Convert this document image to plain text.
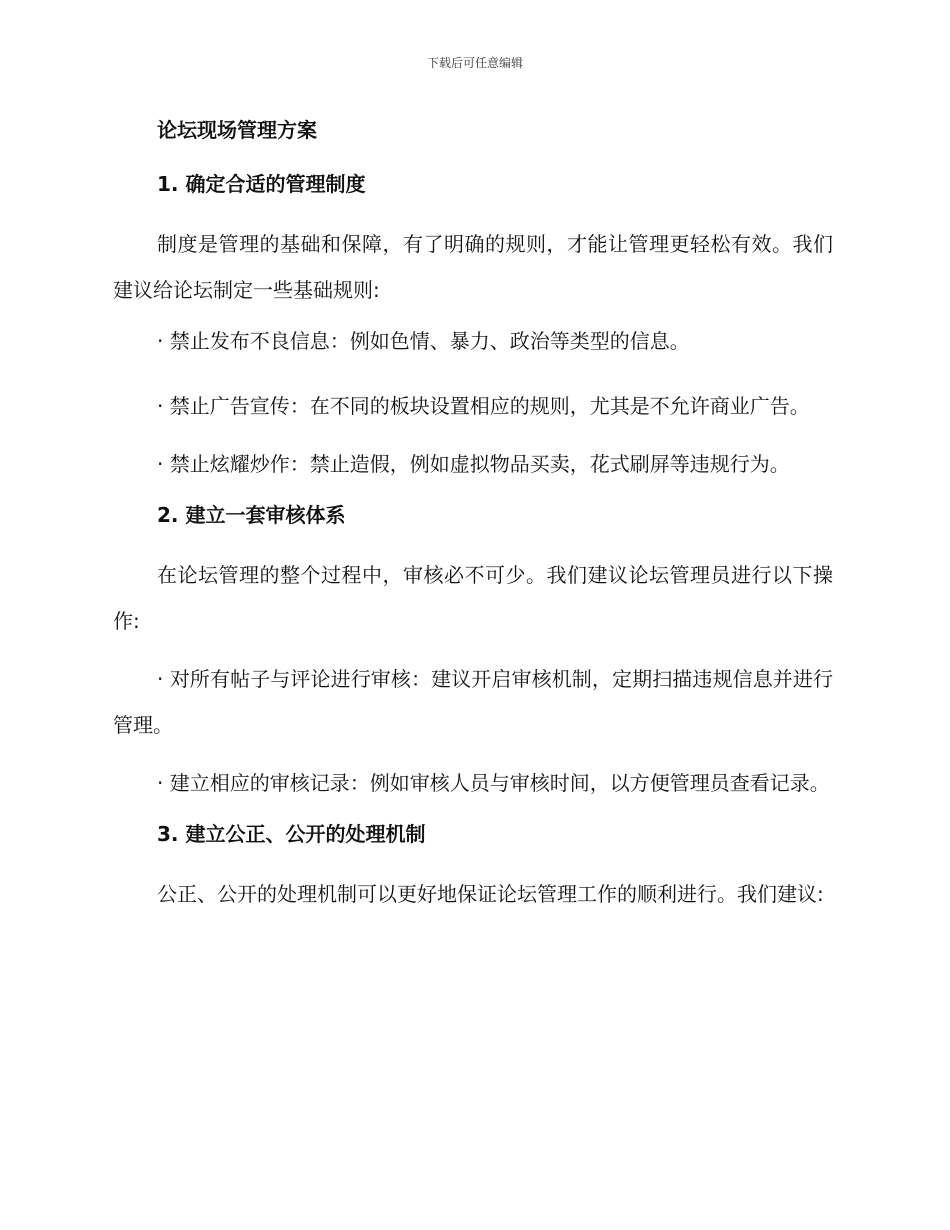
下载后可任意编辑
论坛现场管理方案
1. 确定合适的管理制度

制度是管理的基础和保障，有了明确的规则，才能让管理更轻松有效。我们建议给论坛制定一些基础规则:

· 禁止发布不良信息：例如色情、暴力、政治等类型的信息。

· 禁止广告宣传：在不同的板块设置相应的规则，尤其是不允许商业广告。

· 禁止炫耀炒作：禁止造假，例如虚拟物品买卖，花式刷屏等违规行为。

2. 建立一套审核体系

在论坛管理的整个过程中，审核必不可少。我们建议论坛管理员进行以下操作:

· 对所有帖子与评论进行审核：建议开启审核机制，定期扫描违规信息并进行管理。

· 建立相应的审核记录：例如审核人员与审核时间，以方便管理员查看记录。

3. 建立公正、公开的处理机制

公正、公开的处理机制可以更好地保证论坛管理工作的顺利进行。我们建议:
